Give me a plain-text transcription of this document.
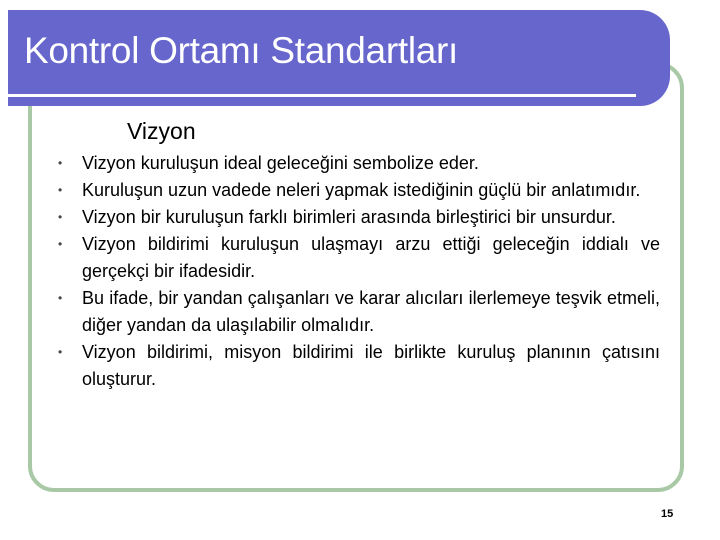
Kontrol Ortamı Standartları
Vizyon
• Vizyon kuruluşun ideal geleceğini sembolize eder.
• Kuruluşun uzun vadede neleri yapmak istediğinin güçlü bir anlatımıdır.
• Vizyon bir kuruluşun farklı birimleri arasında birleştirici bir unsurdur.
• Vizyon bildirimi kuruluşun ulaşmayı arzu ettiği geleceğin iddialı ve gerçekçi bir ifadesidir.
• Bu ifade, bir yandan çalışanları ve karar alıcıları ilerlemeye teşvik etmeli, diğer yandan da ulaşılabilir olmalıdır.
• Vizyon bildirimi, misyon bildirimi ile birlikte kuruluş planının çatısını oluşturur.
15
